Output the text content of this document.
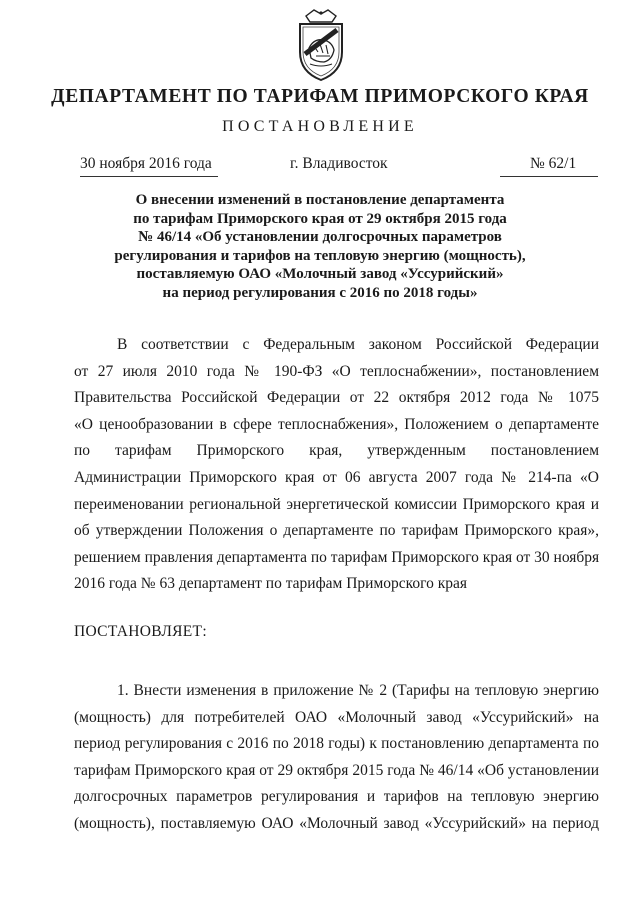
ДЕПАРТАМЕНТ ПО ТАРИФАМ ПРИМОРСКОГО КРАЯ
ПОСТАНОВЛЕНИЕ
30 ноября 2016 года	г. Владивосток	№ 62/1
О внесении изменений в постановление департамента
по тарифам Приморского края от 29 октября 2015 года
№ 46/14 «Об установлении долгосрочных параметров
регулирования и тарифов на тепловую энергию (мощность),
поставляемую ОАО «Молочный завод «Уссурийский»
на период регулирования с 2016 по 2018 годы»
В соответствии с Федеральным законом Российской Федерации
от 27 июля 2010 года № 190-ФЗ «О теплоснабжении», постановлением
Правительства Российской Федерации от 22 октября 2012 года № 1075
«О ценообразовании в сфере теплоснабжения», Положением о департаменте
по тарифам Приморского края, утвержденным постановлением
Администрации Приморского края от 06 августа 2007 года № 214-па «О
переименовании региональной энергетической комиссии Приморского края и
об утверждении Положения о департаменте по тарифам Приморского края»,
решением правления департамента по тарифам Приморского края от 30 ноября
2016 года № 63 департамент по тарифам Приморского края
ПОСТАНОВЛЯЕТ:
1. Внести изменения в приложение № 2 (Тарифы на тепловую энергию
(мощность) для потребителей ОАО «Молочный завод «Уссурийский» на
период регулирования с 2016 по 2018 годы) к постановлению департамента по
тарифам Приморского края от 29 октября 2015 года № 46/14 «Об установлении
долгосрочных параметров регулирования и тарифов на тепловую энергию
(мощность), поставляемую ОАО «Молочный завод «Уссурийский» на период
